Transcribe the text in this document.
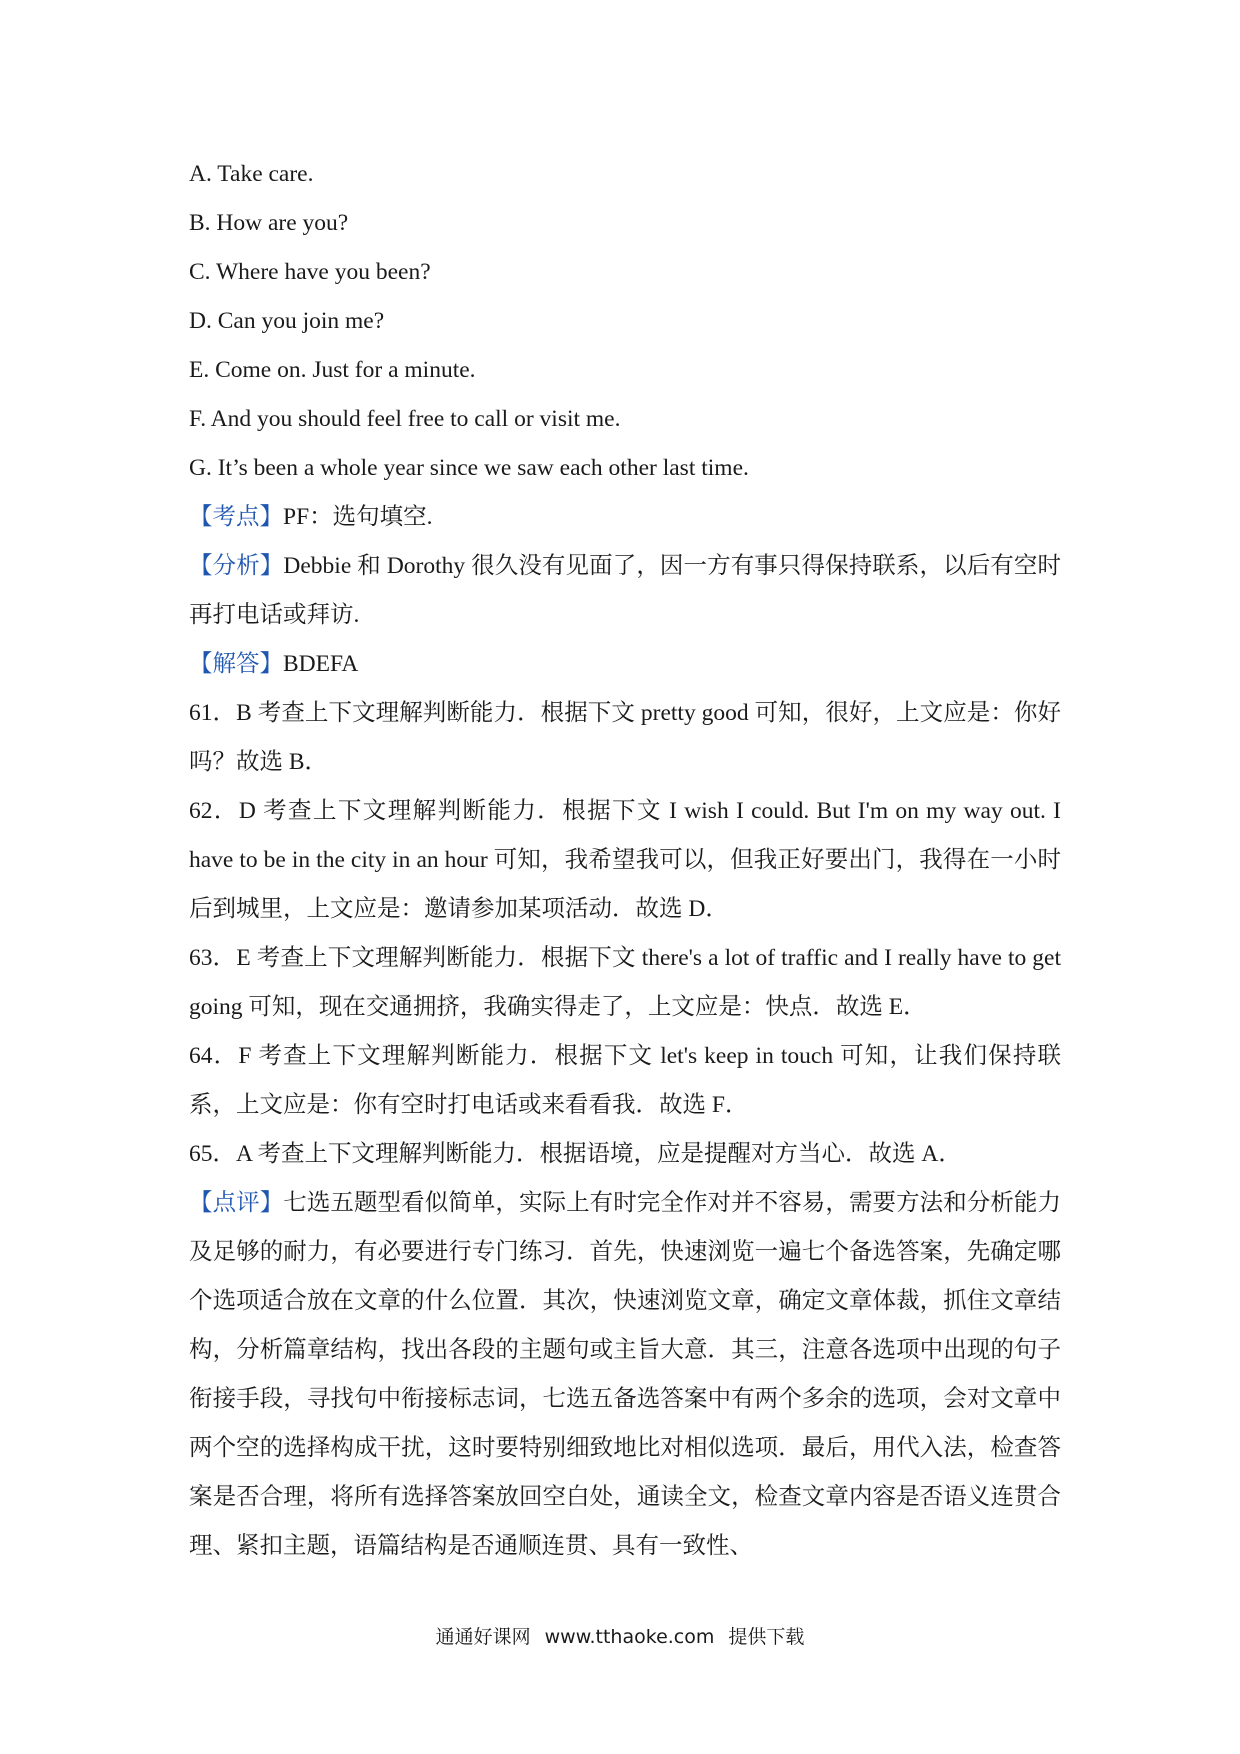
A. Take care.
B. How are you?
C. Where have you been?
D. Can you join me?
E. Come on. Just for a minute.
F. And you should feel free to call or visit me.
G. It’s been a whole year since we saw each other last time.
【考点】PF：选句填空.
【分析】Debbie 和 Dorothy 很久没有见面了，因一方有事只得保持联系，以后有空时再打电话或拜访.
【解答】BDEFA
61．B 考查上下文理解判断能力．根据下文 pretty good 可知，很好，上文应是：你好吗？故选 B．
62．D 考查上下文理解判断能力．根据下文 I wish I could. But I'm on my way out. I have to be in the city in an hour 可知，我希望我可以，但我正好要出门，我得在一小时后到城里，上文应是：邀请参加某项活动．故选 D．
63．E 考查上下文理解判断能力．根据下文 there's a lot of traffic and I really have to get going 可知，现在交通拥挤，我确实得走了，上文应是：快点．故选 E．
64．F 考查上下文理解判断能力．根据下文 let's keep in touch 可知，让我们保持联系，上文应是：你有空时打电话或来看看我．故选 F．
65．A 考查上下文理解判断能力．根据语境，应是提醒对方当心．故选 A．
【点评】七选五题型看似简单，实际上有时完全作对并不容易，需要方法和分析能力及足够的耐力，有必要进行专门练习．首先，快速浏览一遍七个备选答案，先确定哪个选项适合放在文章的什么位置．其次，快速浏览文章，确定文章体裁，抓住文章结构，分析篇章结构，找出各段的主题句或主旨大意．其三，注意各选项中出现的句子衔接手段，寻找句中衔接标志词，七选五备选答案中有两个多余的选项，会对文章中两个空的选择构成干扰，这时要特别细致地比对相似选项．最后，用代入法，检查答案是否合理，将所有选择答案放回空白处，通读全文，检查文章内容是否语义连贯合理、紧扣主题，语篇结构是否通顺连贯、具有一致性、
通通好课网 www.tthaoke.com 提供下载
